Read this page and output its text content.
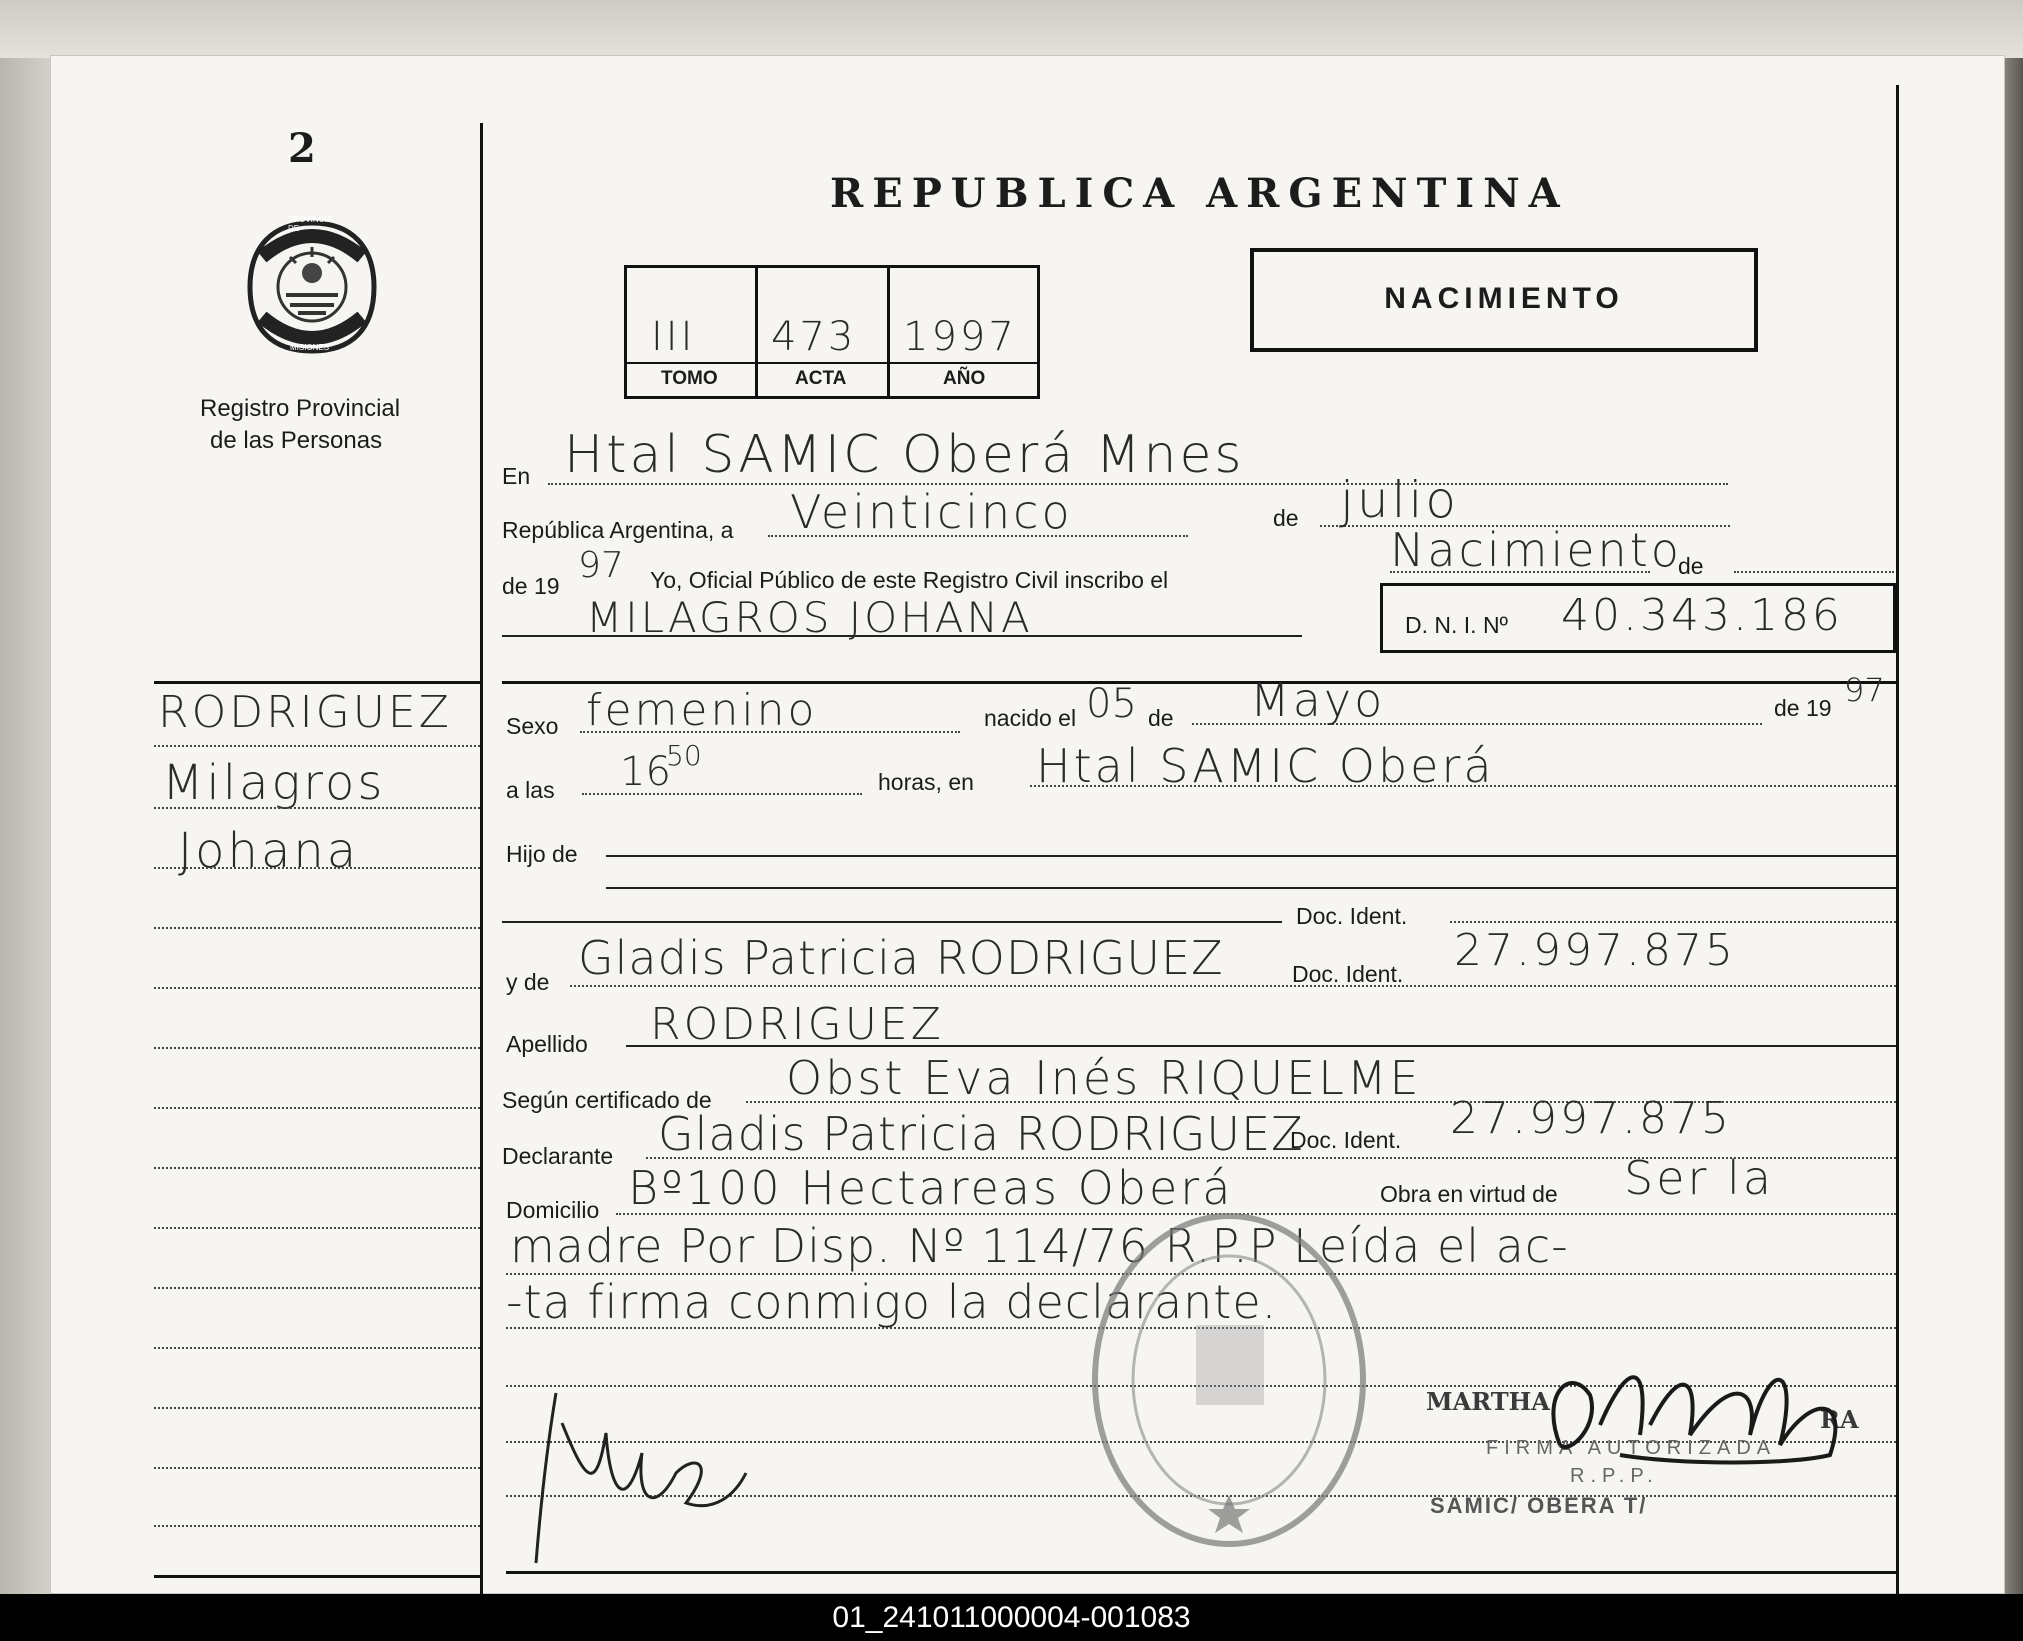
2
PROVINCIA DE
MISIONES
Registro Provincial
de las Personas
REPUBLICA ARGENTINA
III 473 1997
TOMO	ACTA	AÑO
NACIMIENTO
En Htal SAMIC Oberá Mnes
República Argentina, a Veinticinco	de julio
de 19 97 Yo, Oficial Público de este Registro Civil inscribo el
Nacimiento
de
MILAGROS JOHANA	D. N. I. Nº 40.343.186
RODRIGUEZ
Milagros
Johana
Sexo femenino	nacido el 05 de Mayo	de 19 97
a las 16
50
horas, en Htal SAMIC Oberá
Hijo de
Doc. Ident.
y de Gladis Patricia RODRIGUEZ	Doc. Ident. 27.997.875
Apellido RODRIGUEZ
Según certificado de Obst Eva Inés RIQUELME
Declarante Gladis Patricia RODRIGUEZ
Doc. Ident. 27.997.875
Domicilio Bº100 Hectareas Oberá	Obra en virtud de Ser la
madre Por Disp. Nº 114/76 R.P.P Leída el ac-
-ta firma conmigo la declarante.
MARTHA
RA
FIRMA AUTORIZADA
R.P.P.
SAMIC/ OBERA T/
01_241011000004-001083
